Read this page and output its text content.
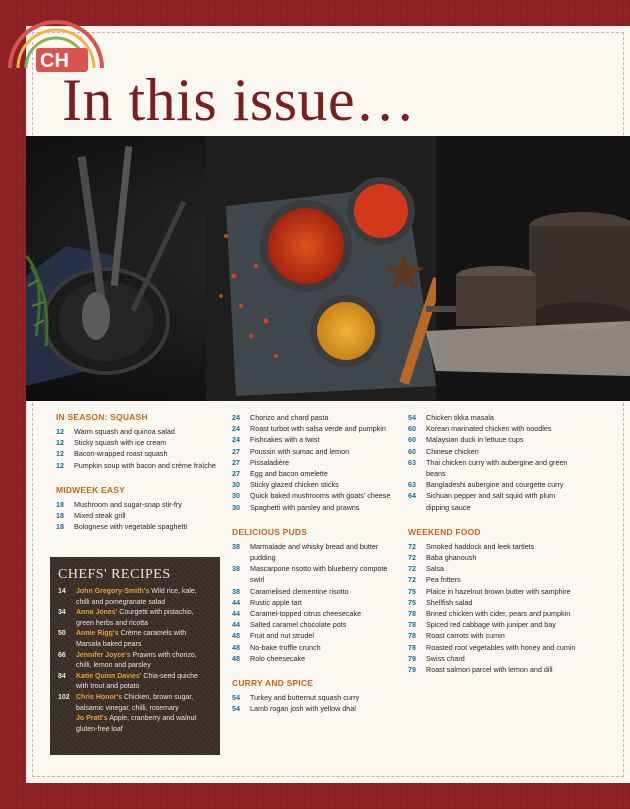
CH
In this issue…
IN SEASON: SQUASH
12	Warm squash and quinoa salad
12	Sticky squash with ice cream
12	Bacon-wrapped roast squash
12	Pumpkin soup with bacon and crème fraîche
MIDWEEK EASY
18	Mushroom and sugar-snap stir-fry
18	Mixed steak grill
18	Bolognese with vegetable spaghetti
CHEFS' RECIPES
14	John Gregory-Smith's Wild rice, kale, chilli and pomegranate salad
34	Anna Jones' Courgetti with pistachio, green herbs and ricotta
50	Annie Rigg's Crème caramels with Marsala baked pears
66	Jennifer Joyce's Prawns with chorizo, chilli, lemon and parsley
84	Katie Quinn Davies' Chia-seed quiche with trout and potato
102 Chris Honor's Chicken, brown sugar, balsamic vinegar, chilli, rosemary
Jo Pratt's Apple, cranberry and walnut gluten-free loaf
24	Chorizo and chard pasta
24	Roast turbot with salsa verde and pumpkin
24	Fishcakes with a twist
27	Poussin with sumac and lemon
27	Pissaladière
27	Egg and bacon omelette
30	Sticky glazed chicken sticks
30	Quick baked mushrooms with goats' cheese
30	Spaghetti with parsley and prawns
DELICIOUS PUDS
38	Marmalade and whisky bread and butter pudding
38	Mascarpone risotto with blueberry compote swirl
38	Caramelised clementine risotto
44	Rustic apple tart
44	Caramel-topped citrus cheesecake
44	Salted caramel chocolate pots
48	Fruit and nut strudel
48	No-bake truffle crunch
48	Rolo cheesecake
CURRY AND SPICE
54	Turkey and butternut squash curry
54	Lamb rogan josh with yellow dhal
54	Chicken tikka masala
60	Korean marinated chicken with noodles
60	Malaysian duck in lettuce cups
60	Chinese chicken
63	Thai chicken curry with aubergine and green beans
63	Bangladeshi aubergine and courgette curry
64	Sichuan pepper and salt squid with plum dipping sauce
WEEKEND FOOD
72	Smoked haddock and leek tartlets
72	Baba ghanoush
72	Salsa
72	Pea fritters
75	Plaice in hazelnut brown butter with samphire
75	Shellfish salad
78	Brined chicken with cider, pears and pumpkin
78	Spiced red cabbage with juniper and bay
78	Roast carrots with cumin
78	Roasted root vegetables with honey and cumin
79	Swiss chard
79	Roast salmon parcel with lemon and dill
